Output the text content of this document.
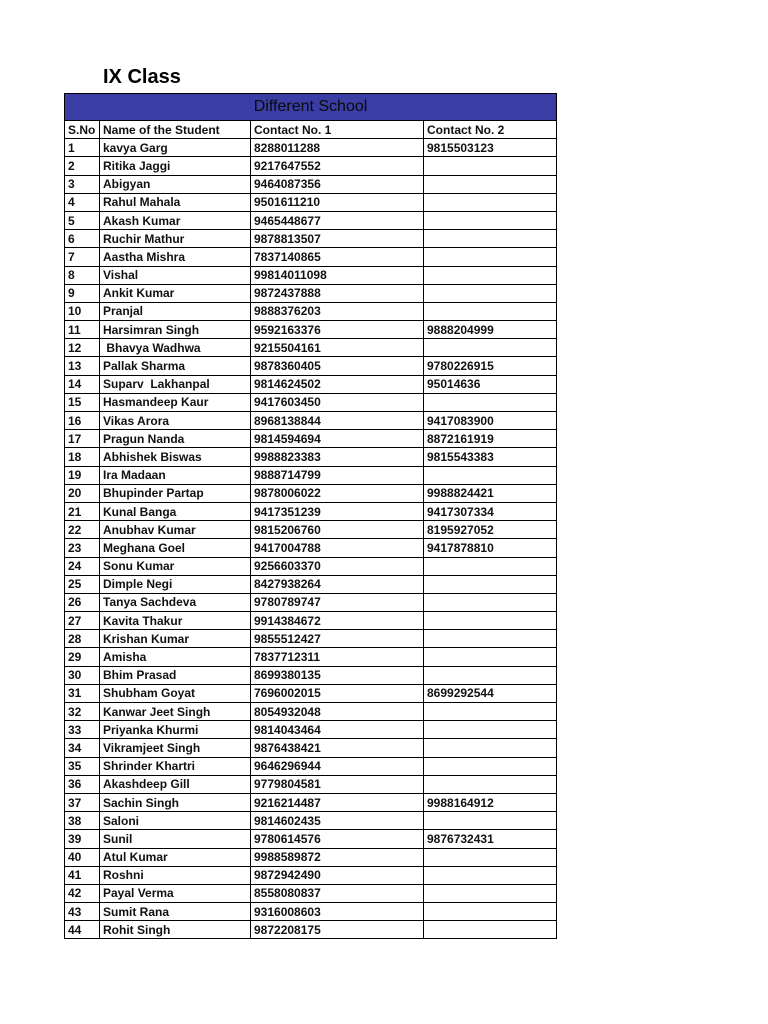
IX Class
Different School			
S.No	Name of the Student	Contact No. 1	Contact No. 2
1	kavya Garg	8288011288	9815503123
2	Ritika Jaggi	9217647552	
3	Abigyan	9464087356	
4	Rahul Mahala	9501611210	
5	Akash Kumar	9465448677	
6	Ruchir Mathur	9878813507	
7	Aastha Mishra	7837140865	
8	Vishal	99814011098	
9	Ankit Kumar	9872437888	
10	Pranjal	9888376203	
11	Harsimran Singh	9592163376	9888204999
12	Bhavya Wadhwa	9215504161	
13	Pallak Sharma	9878360405	9780226915
14	Suparv  Lakhanpal	9814624502	95014636
15	Hasmandeep Kaur	9417603450	
16	Vikas Arora	8968138844	9417083900
17	Pragun Nanda	9814594694	8872161919
18	Abhishek Biswas	9988823383	9815543383
19	Ira Madaan	9888714799	
20	Bhupinder Partap	9878006022	9988824421
21	Kunal Banga	9417351239	9417307334
22	Anubhav Kumar	9815206760	8195927052
23	Meghana Goel	9417004788	9417878810
24	Sonu Kumar	9256603370	
25	Dimple Negi	8427938264	
26	Tanya Sachdeva	9780789747	
27	Kavita Thakur	9914384672	
28	Krishan Kumar	9855512427	
29	Amisha	7837712311	
30	Bhim Prasad	8699380135	
31	Shubham Goyat	7696002015	8699292544
32	Kanwar Jeet Singh	8054932048	
33	Priyanka Khurmi	9814043464	
34	Vikramjeet Singh	9876438421	
35	Shrinder Khartri	9646296944	
36	Akashdeep Gill	9779804581	
37	Sachin Singh	9216214487	9988164912
38	Saloni	9814602435	
39	Sunil	9780614576	9876732431
40	Atul Kumar	9988589872	
41	Roshni	9872942490	
42	Payal Verma	8558080837	
43	Sumit Rana	9316008603	
44	Rohit Singh	9872208175	
